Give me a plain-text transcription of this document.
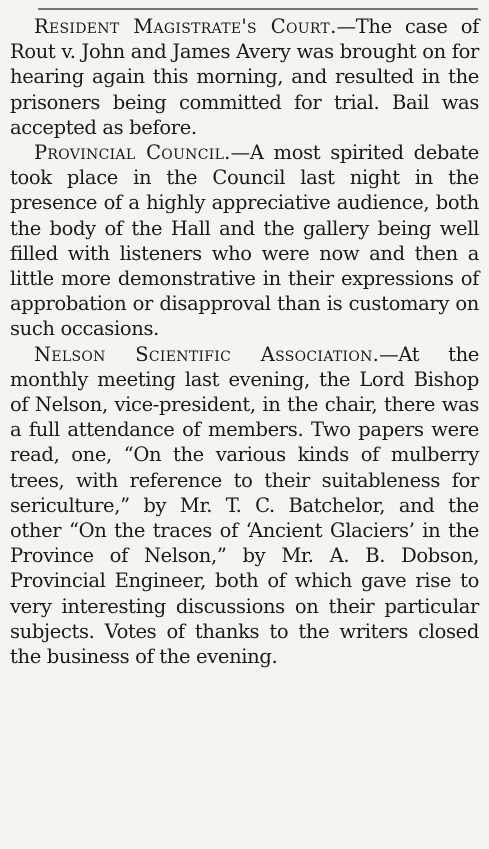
Resident Magistrate's Court.—The case of Rout v. John and James Avery was brought on for hearing again this morning, and resulted in the prisoners being committed for trial. Bail was accepted as before.

Provincial Council.—A most spirited debate took place in the Council last night in the presence of a highly appreciative audience, both the body of the Hall and the gallery being well filled with listeners who were now and then a little more demonstrative in their expressions of approbation or disapproval than is customary on such occasions.

Nelson Scientific Association.—At the monthly meeting last evening, the Lord Bishop of Nelson, vice-president, in the chair, there was a full attendance of members. Two papers were read, one, “On the various kinds of mulberry trees, with reference to their suitableness for sericulture,” by Mr. T. C. Batchelor, and the other “On the traces of ‘Ancient Glaciers’ in the Province of Nelson,” by Mr. A. B. Dobson, Provincial Engineer, both of which gave rise to very interesting discussions on their particular subjects. Votes of thanks to the writers closed the business of the evening.
